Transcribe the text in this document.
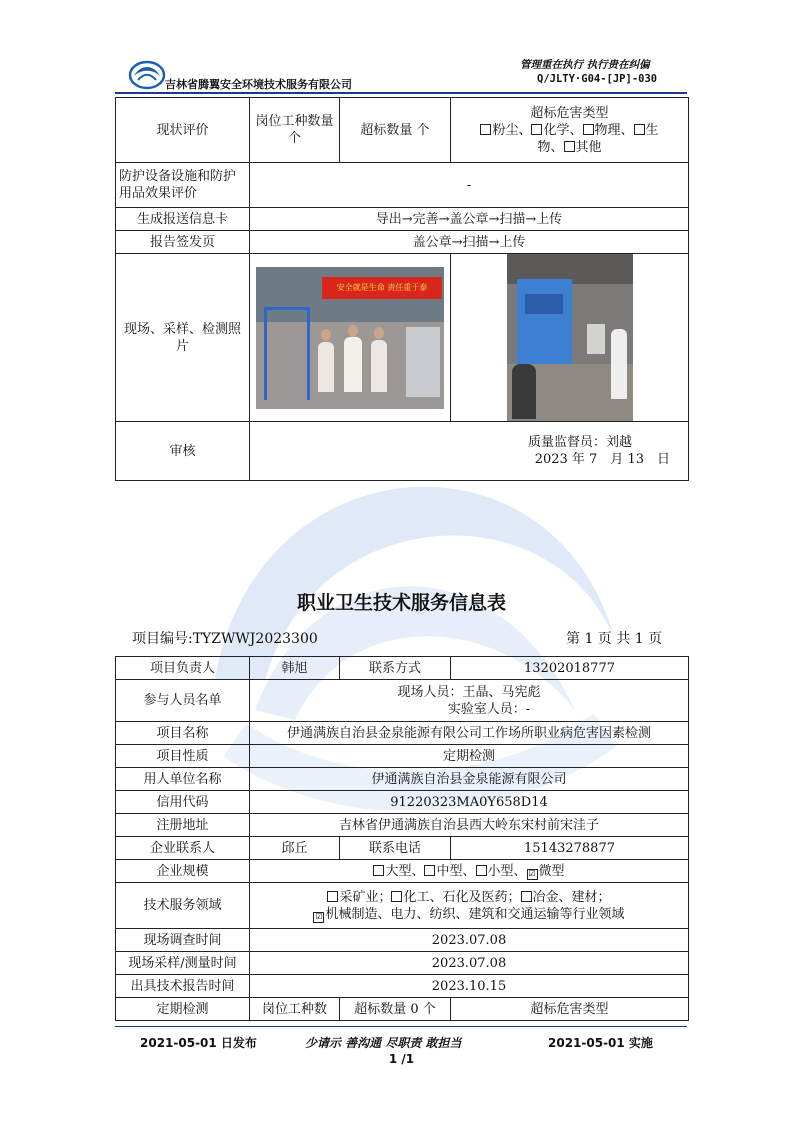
吉林省腾翼安全环境技术服务有限公司
管理重在执行 执行贵在纠偏
Q/JLTY·G04-[JP]-030
现状评价	岗位工种数量　个	超标数量 个	超标危害类型
粉尘、 化学、 物理、 生
物、 其他

防护设备设施和防护用品效果评价	-		
生成报送信息卡	导出→完善→盖公章→扫描→上传		
报告签发页	盖公章→扫描→上传		
现场、采样、检测照片	安全就是生命 责任重于泰		

审核	质量监督员：刘越
2023 年 7　月 13　日		
职业卫生技术服务信息表
项目编号:TYZWWJ2023300	第 1 页 共 1 页
项目负责人	韩旭	联系方式	13202018777
参与人员名单	现场人员：王晶、马宪彪
实验室人员：-		

项目名称	伊通满族自治县金泉能源有限公司工作场所职业病危害因素检测		
项目性质	定期检测		
用人单位名称	伊通满族自治县金泉能源有限公司		
信用代码	91220323MA0Y658D14		
注册地址	吉林省伊通满族自治县西大岭东宋村前宋洼子		
企业联系人	邱丘	联系电话	15143278877
企业规模	大型、 中型、 小型、 ☑ 微型		
技术服务领域	采矿业； 化工、石化及医药； 冶金、建材；
☑ 机械制造、电力、纺织、建筑和交通运输等行业领域		

现场调查时间	2023.07.08		
现场采样/测量时间	2023.07.08		
出具技术报告时间	2023.10.15		
定期检测	岗位工种数	超标数量 0 个	超标危害类型
2021-05-01 日发布	少请示 善沟通 尽职责 敢担当	2021-05-01 实施
1 /1
